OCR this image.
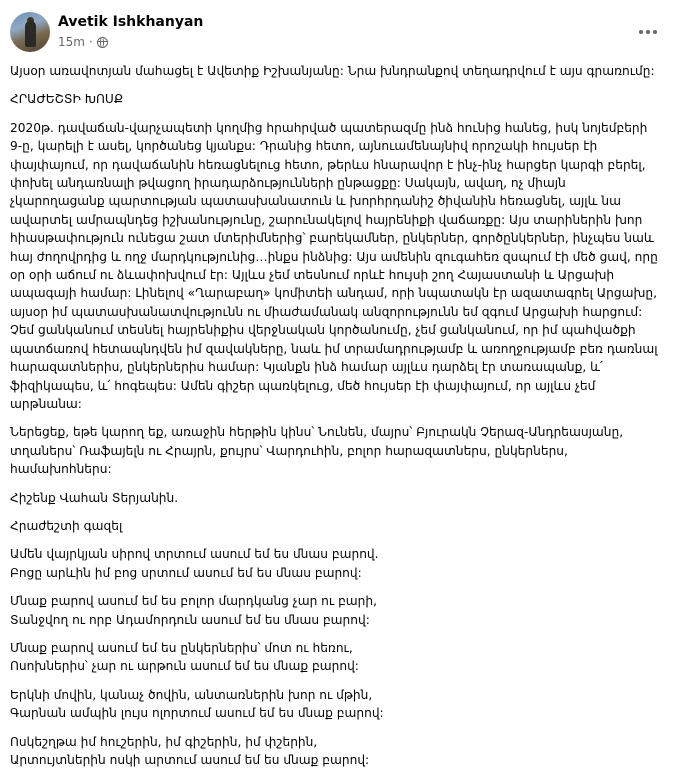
Avetik Ishkhanyan
15m ·

Այսօր առավոտյան մահացել է Ավետիք Իշխանյանը: Նրա խնդրանքով տեղադրվում է այս գրառումը:

ՀՐԱԺԵՇՏԻ ԽՈՍՔ

2020թ. դավաճան-վարչապետի կողմից հրահրված պատերազմը ինձ հունից հանեց, իսկ նոյեմբերի 9-ը, կարելի է ասել, կործանեց կյանքս: Դրանից հետո, այնուամենայնիվ որոշակի հույսեր էի փայփայում, որ դավաճանին հեռացնելուց հետո, թերևս հնարավոր է ինչ-ինչ հարցեր կարգի բերել, փոխել անդառնալի թվացող իրադարձությունների ընթացքը: Սակայն, ավաղ, ոչ միայն չկարողացանք պարտության պատասխանատուն և խորհրդանիշ ծիվանին հեռացնել, այլև նա ավարտել ամրապնդեց իշխանությունը, շարունակելով հայրենիքի վաճառքը: Այս տարիներին խոր հիասթափություն ունեցա շատ մտերիմներից՝ բարեկամներ, ընկերներ, գործընկերներ, ինչպես նաև հայ ժողովրդից և ողջ մարդկությունից…ինքս ինձնից: Այս ամենին զուգահեռ զսպում էի մեծ ցավ, որը օր օրի աճում ու ձևափոխվում էր: Այլևս չեմ տեսնում որևէ հույսի շող Հայաստանի և Արցախի ապագայի համար: Լինելով «Ղարաբաղ» կոմիտեի անդամ, որի նպատակն էր ազատագրել Արցախը, այսօր իմ պատասխանատվությունն ու միաժամանակ անզորությունն եմ զգում Արցախի հարցում: Չեմ ցանկանում տեսնել հայրենիքիս վերջնական կործանումը, չեմ ցանկանում, որ իմ պահվածքի պատճառով հետապնդվեն իմ զավակները, նաև իմ տրամադրությամբ և առողջությամբ բեռ դառնալ հարազատներիս, ընկերներիս համար: Կյանքն ինձ համար այլևս դարձել էր տառապանք, և՛ ֆիզիկապես, և՛ հոգեպես: Ամեն գիշեր պառկելուց, մեծ հույսեր էի փայփայում, որ այլևս չեմ արթնանա:

Ներեցեք, եթե կարող եք, առաջին հերթին կինս՝ Նունեն, մայրս՝ Բյուրակն Չերազ-Անդրեասյանը, տղաներս՝ Ռաֆայելն ու Հրայրն, քույրս՝ Վարդուհին, բոլոր հարազատներս, ընկերներս, համախոհներս:

Հիշենք Վահան Տերյանին.

Հրաժեշտի գազել

Ամեն վայրկյան սիրով տրտում ասում եմ ես մնաս բարով.
Բոցը արևին իմ բոց սրտում ասում եմ ես մնաս բարով:

Մնաք բարով ասում եմ ես բոլոր մարդկանց չար ու բարի,
Տանջվող ու որբ Ադամորդուն ասում եմ ես մնաս բարով:

Մնաք բարով ասում եմ ես ընկերներիս՝ մոտ ու հեռու,
Ոսոխներիս՝ չար ու արթուն ասում եմ ես մնաք բարով:

Երկնի մովին, կանաչ ծովին, անտառներին խոր ու մթին,
Գարնան ամպին լույս ոլորտում ասում եմ ես մնաք բարով:

Ոսկեշղթա իմ հուշերին, իմ գիշերին, իմ փշերին,
Արտույտներին ոսկի արտում ասում եմ ես մնաք բարով:
